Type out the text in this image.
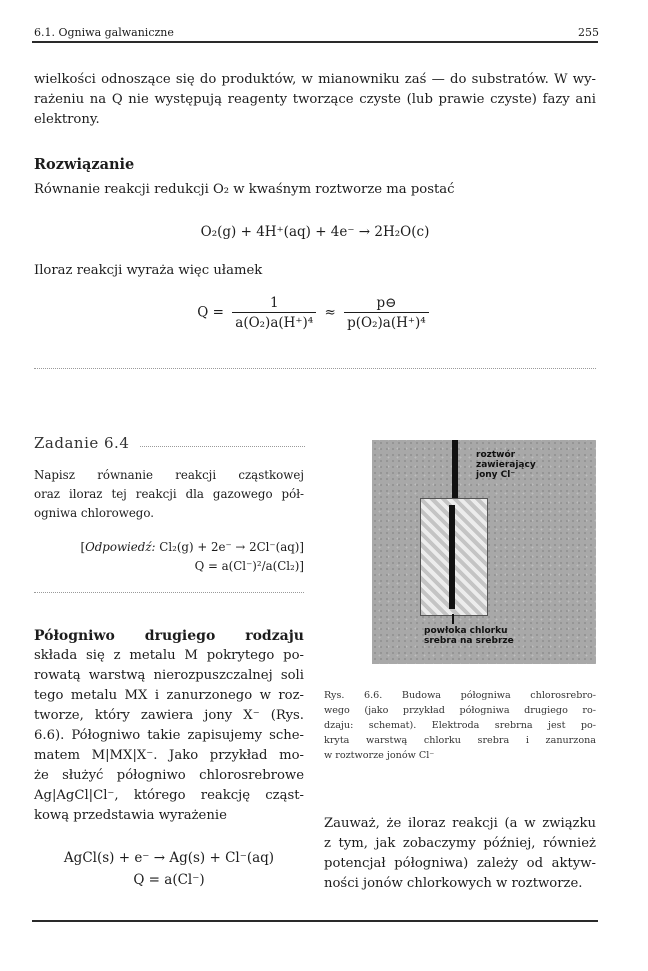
6.1. Ogniwa galwaniczne	255
wielkości odnoszące się do produktów, w mianowniku zaś — do substratów. W wy-
rażeniu na Q nie występują reagenty tworzące czyste (lub prawie czyste) fazy ani
elektrony.
Rozwiązanie
Równanie reakcji redukcji O₂ w kwaśnym roztworze ma postać
O₂(g) + 4H⁺(aq) + 4e⁻ → 2H₂O(c)
Iloraz reakcji wyraża więc ułamek
$Q = \frac{1}{\text{a(O₂)a(H⁺)⁴}} \approx \frac{p⊖}{\text{p(O₂)a(H⁺)⁴}}$
Zadanie 6.4
Napisz równanie reakcji cząstkowej
oraz iloraz tej reakcji dla gazowego pół-
ogniwa chlorowego.
[Odpowiedź: Cl₂(g) + 2e⁻ → 2Cl⁻(aq)]
Q = a(Cl⁻)²/a(Cl₂)]
Półogniwo drugiego rodzaju
składa się z metalu M pokrytego po-
rowatą warstwą nierozpuszczalnej soli
tego metalu MX i zanurzonego w roz-
tworze, który zawiera jony X⁻ (Rys.
6.6). Półogniwo takie zapisujemy sche-
matem M|MX|X⁻. Jako przykład mo-
że służyć półogniwo chlorosrebrowe
Ag|AgCl|Cl⁻, którego reakcję cząst-
kową przedstawia wyrażenie
AgCl(s) + e⁻ → Ag(s) + Cl⁻(aq)
Q = a(Cl⁻)
roztwór
zawierający
jony Cl⁻
powłoka chlorku
srebra na srebrze
Rys. 6.6. Budowa półogniwa chlorosrebro-
wego (jako przykład półogniwa drugiego ro-
dzaju: schemat). Elektroda srebrna jest po-
kryta warstwą chlorku srebra i zanurzona
w roztworze jonów Cl⁻
Zauważ, że iloraz reakcji (a w związku
z tym, jak zobaczymy później, również
potencjał półogniwa) zależy od aktyw-
ności jonów chlorkowych w roztworze.
